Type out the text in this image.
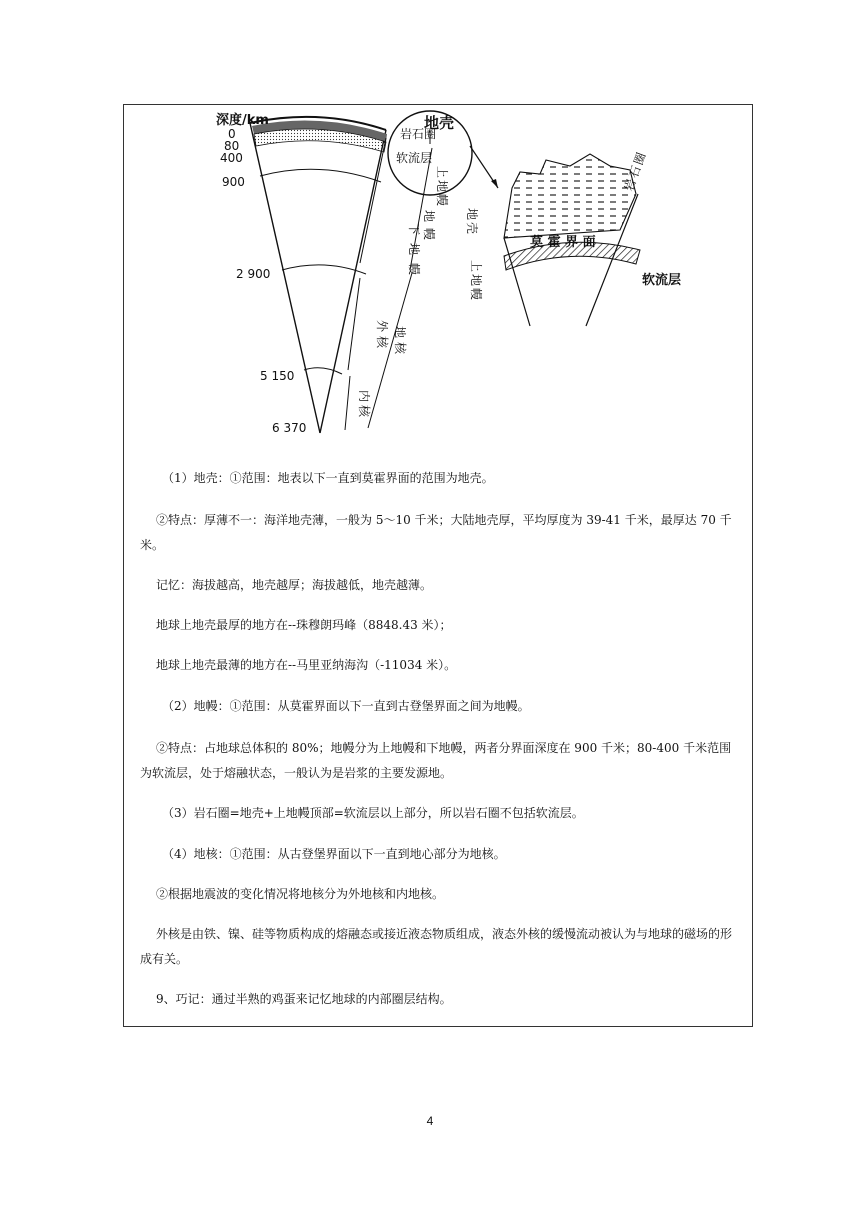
深度/km
0
80
400
900
2 900
5 150
6 370
地壳
岩石圈
软流层
上地幔
地幔
下地幔
外核 地核
内核
莫 霍 界 面
地壳
上地幔
岩石圈
软流层

（1）地壳：①范围：地表以下一直到莫霍界面的范围为地壳。

②特点：厚薄不一：海洋地壳薄，一般为 5～10 千米；大陆地壳厚，平均厚度为 39-41 千米，最厚达 70 千米。

记忆：海拔越高，地壳越厚；海拔越低，地壳越薄。

地球上地壳最厚的地方在--珠穆朗玛峰（8848.43 米）；

地球上地壳最薄的地方在--马里亚纳海沟（-11034 米）。

（2）地幔：①范围：从莫霍界面以下一直到古登堡界面之间为地幔。

②特点：占地球总体积的 80%；地幔分为上地幔和下地幔，两者分界面深度在 900 千米；80-400 千米范围为软流层，处于熔融状态，一般认为是岩浆的主要发源地。

（3）岩石圈=地壳+上地幔顶部=软流层以上部分，所以岩石圈不包括软流层。

（4）地核：①范围：从古登堡界面以下一直到地心部分为地核。

②根据地震波的变化情况将地核分为外地核和内地核。

外核是由铁、镍、硅等物质构成的熔融态或接近液态物质组成，液态外核的缓慢流动被认为与地球的磁场的形成有关。

9、巧记：通过半熟的鸡蛋来记忆地球的内部圈层结构。

4
